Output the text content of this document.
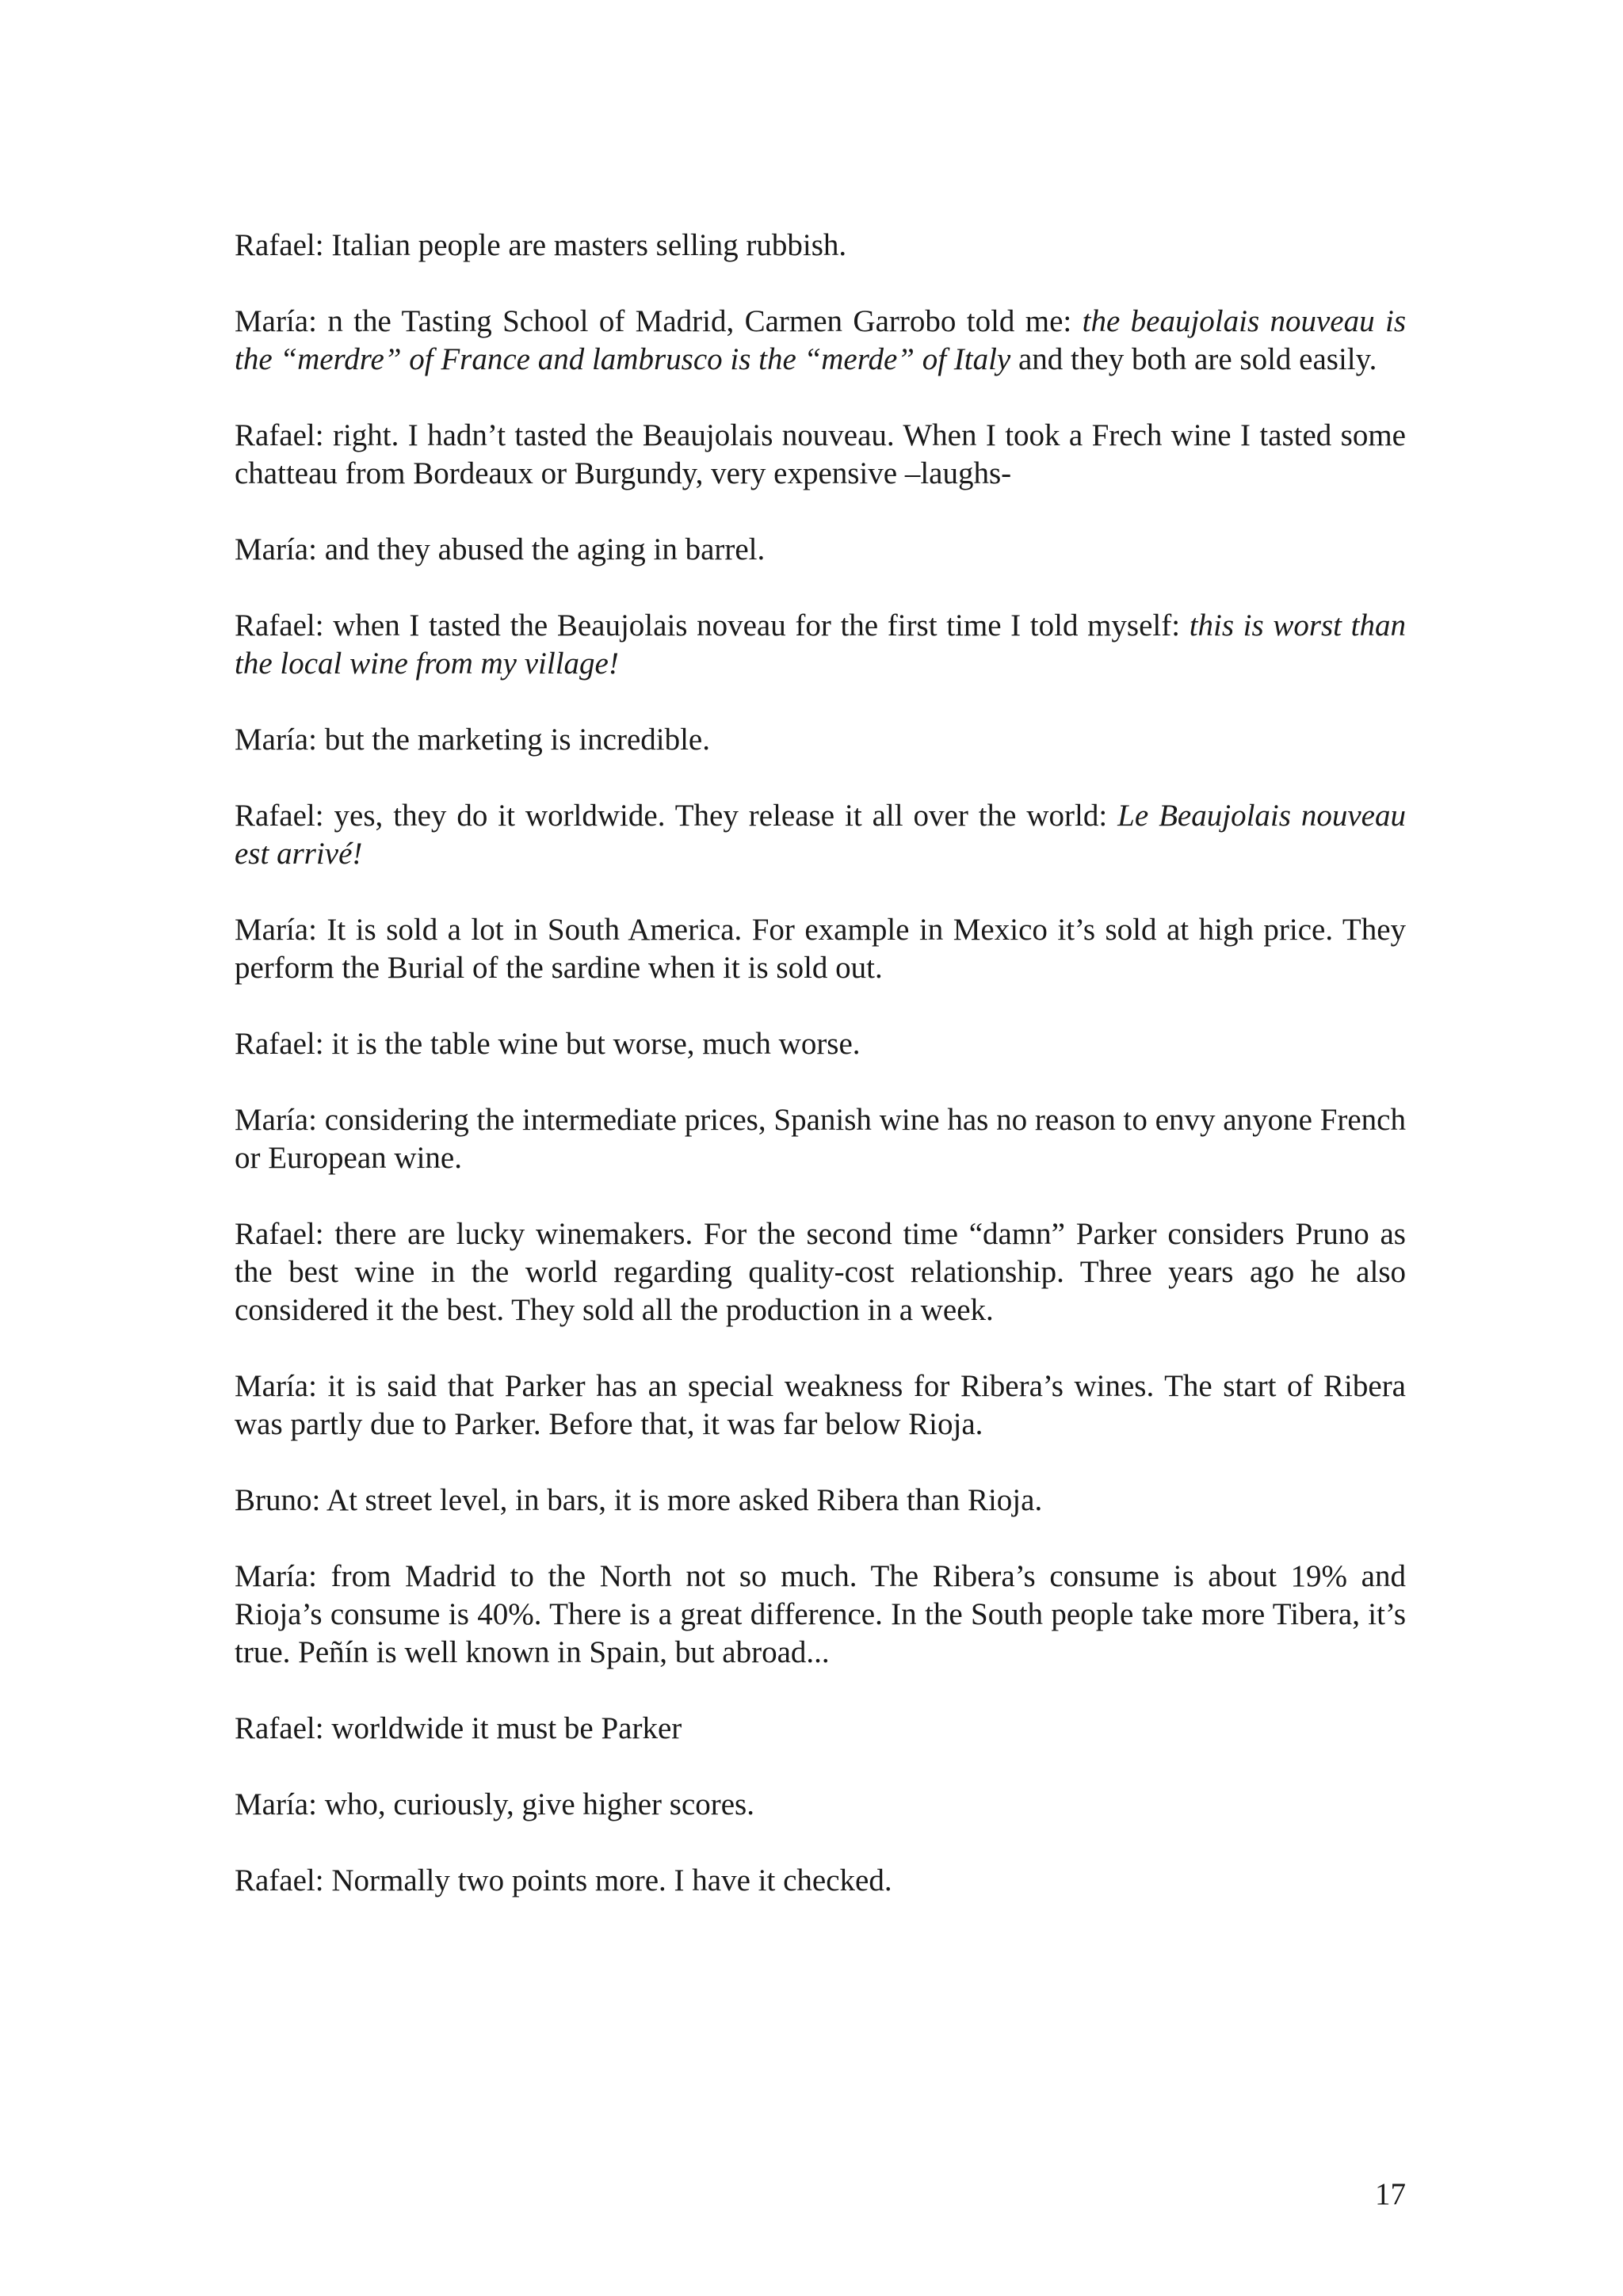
Rafael: Italian people are masters selling rubbish.

María: n the Tasting School of Madrid, Carmen Garrobo told me: the beaujolais nouveau is the “merdre” of France and lambrusco is the “merde” of Italy and they both are sold easily.

Rafael: right. I hadn’t tasted the Beaujolais nouveau. When I took a Frech wine I tasted some chatteau from Bordeaux or Burgundy, very expensive –laughs-

María: and they abused the aging in barrel.

Rafael: when I tasted the Beaujolais noveau for the first time I told myself: this is worst than the local wine from my village!

María: but the marketing is incredible.

Rafael: yes, they do it worldwide. They release it all over the world: Le Beaujolais nouveau est arrivé!

María: It is sold a lot in South America. For example in Mexico it’s sold at high price. They perform the Burial of the sardine when it is sold out.

Rafael: it is the table wine but worse, much worse.

María: considering the intermediate prices, Spanish wine has no reason to envy anyone French or European wine.

Rafael: there are lucky winemakers. For the second time “damn” Parker considers Pruno as the best wine in the world regarding quality-cost relationship. Three years ago he also considered it the best. They sold all the production in a week.

María: it is said that Parker has an special weakness for Ribera’s wines. The start of Ribera was partly due to Parker. Before that, it was far below Rioja.

Bruno: At street level, in bars, it is more asked Ribera than Rioja.

María: from Madrid to the North not so much. The Ribera’s consume is about 19% and Rioja’s consume is 40%. There is a great difference. In the South people take more Tibera, it’s true. Peñín is well known in Spain, but abroad...

Rafael: worldwide it must be Parker

María: who, curiously, give higher scores.

Rafael: Normally two points more. I have it checked.

17
